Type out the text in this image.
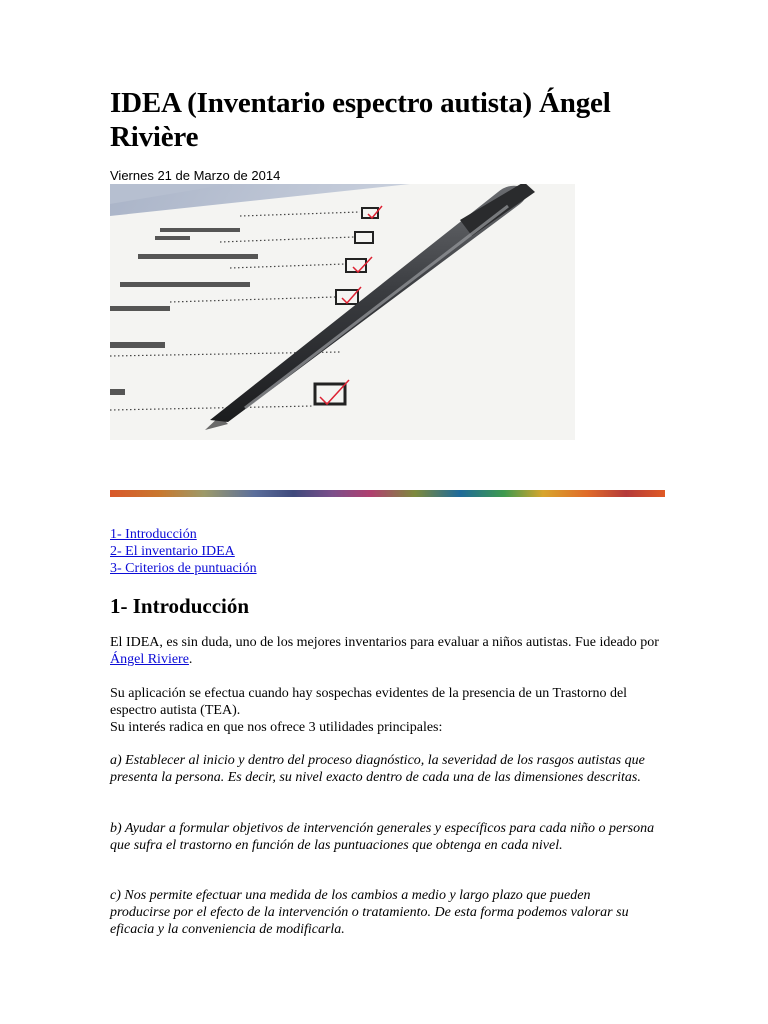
IDEA (Inventario espectro autista) Ángel Rivière

Viernes 21 de Marzo de 2014

1- Introducción
2- El inventario IDEA
3- Criterios de puntuación
1- Introducción

El IDEA, es sin duda, uno de los mejores inventarios para evaluar a niños autistas. Fue ideado por Ángel Riviere.

Su aplicación se efectua cuando hay sospechas evidentes de la presencia de un Trastorno del espectro autista (TEA).
Su interés radica en que nos ofrece 3 utilidades principales:

a) Establecer al inicio y dentro del proceso diagnóstico, la severidad de los rasgos autistas que presenta la persona. Es decir, su nivel exacto dentro de cada una de las dimensiones descritas.

b) Ayudar a formular objetivos de intervención generales y específicos para cada niño o persona que sufra el trastorno en función de las puntuaciones que obtenga en cada nivel.

c) Nos permite efectuar una medida de los cambios a medio y largo plazo que pueden producirse por el efecto de la intervención o tratamiento. De esta forma podemos valorar su eficacia y la conveniencia de modificarla.
